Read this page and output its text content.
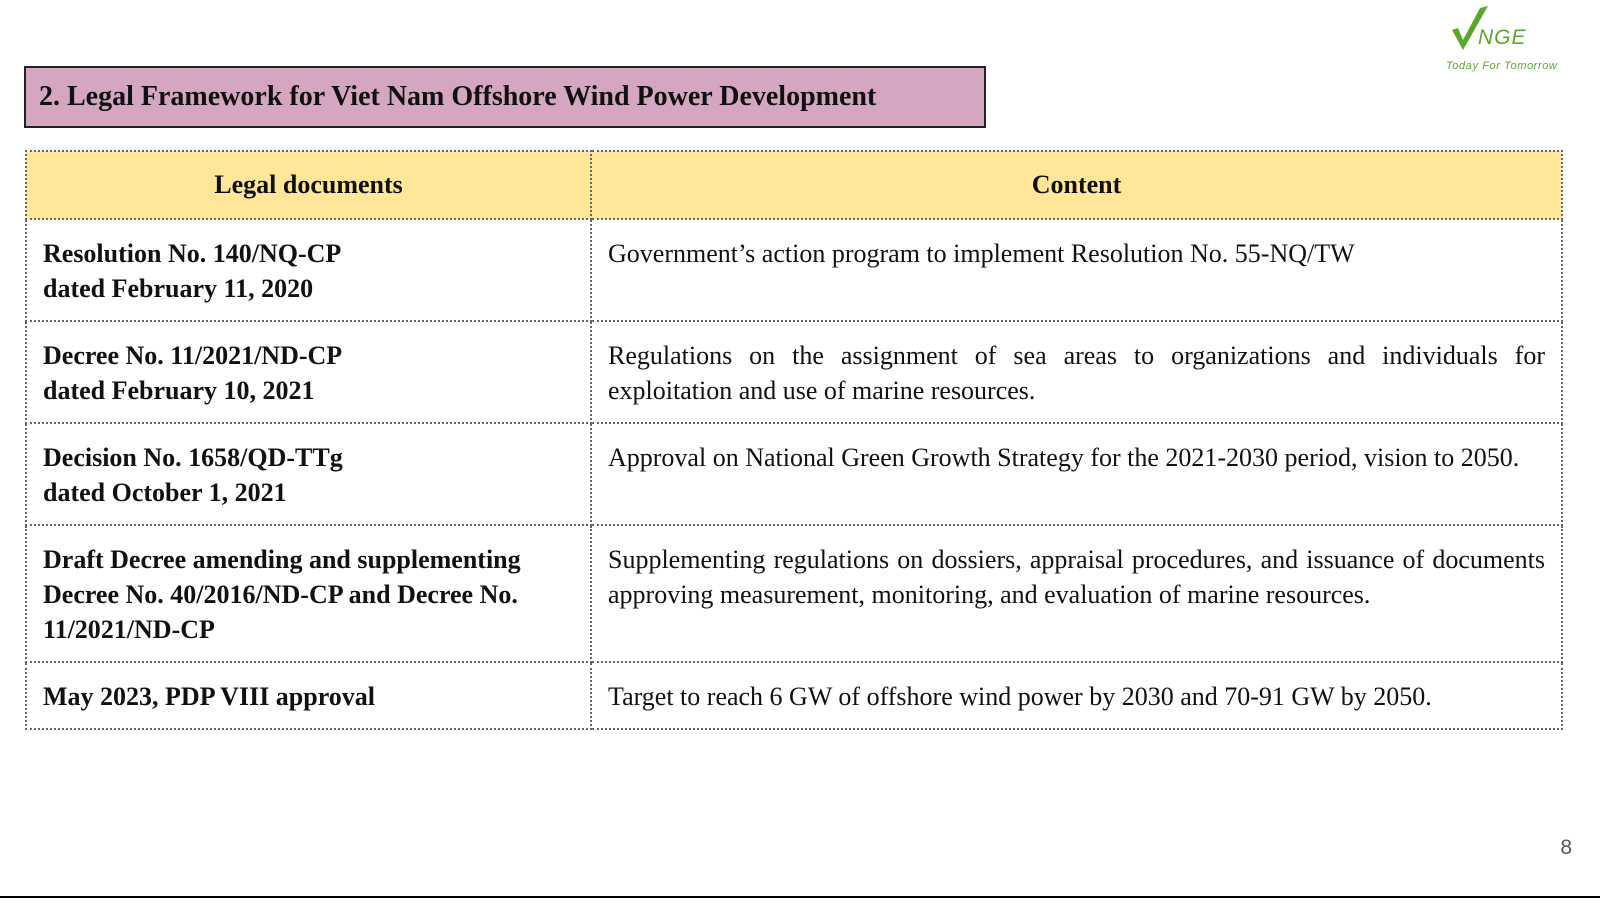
NGE
Today For Tomorrow
2. Legal Framework for Viet Nam Offshore Wind Power Development
Legal documents	Content

Resolution No. 140/NQ-CP
dated February 11, 2020	Government’s action program to implement Resolution No. 55-NQ/TW

Decree No. 11/2021/ND-CP
dated February 10, 2021	Regulations on the assignment of sea areas to organizations and individuals for exploitation and use of marine resources.

Decision No. 1658/QD-TTg
dated October 1, 2021	Approval on National Green Growth Strategy for the 2021-2030 period, vision to 2050.

Draft Decree amending and supplementing Decree No. 40/2016/ND-CP and Decree No. 11/2021/ND-CP	Supplementing regulations on dossiers, appraisal procedures, and issuance of documents approving measurement, monitoring, and evaluation of marine resources.

May 2023, PDP VIII approval	Target to reach 6 GW of offshore wind power by 2030 and 70-91 GW by 2050.
8
